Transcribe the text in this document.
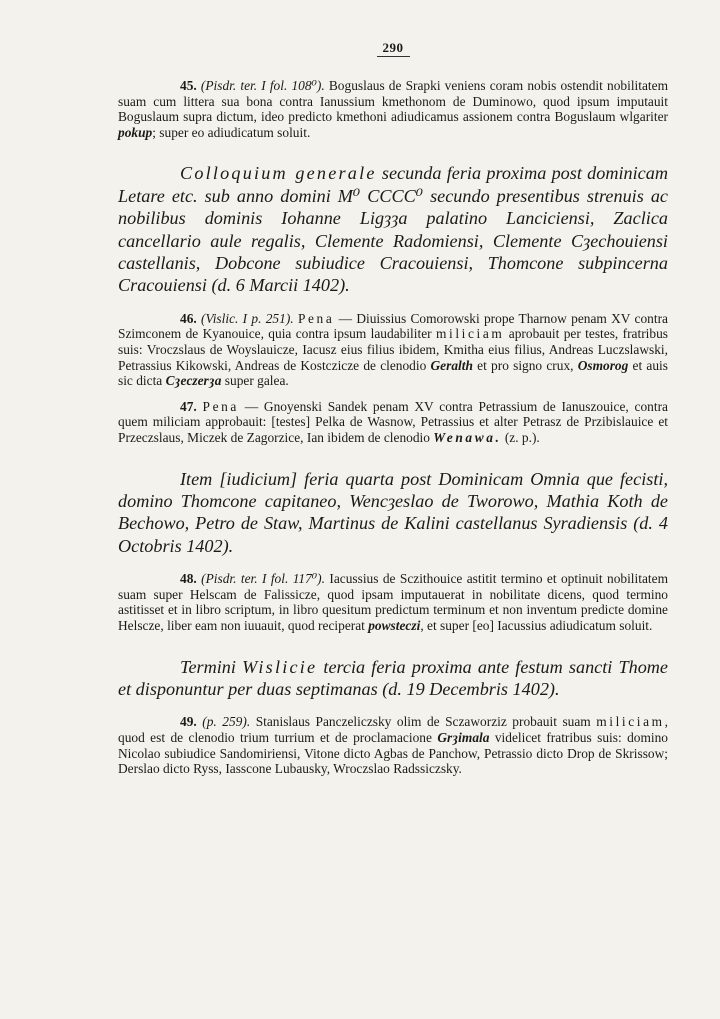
290

45. (Pisdr. ter. I fol. 108⁰). Boguslaus de Srapki veniens coram nobis ostendit nobilitatem suam cum littera sua bona contra Ianussium kmethonom de Duminowo, quod ipsum imputauit Boguslaum supra dictum, ideo predicto kmethoni adiudicamus assionem contra Boguslaum wlgariter pokup; super eo adiudicatum soluit.

Colloquium generale secunda feria proxima post dominicam Letare etc. sub anno domini M⁰ CCCC⁰ secundo presentibus strenuis ac nobilibus dominis Iohanne Ligȝȝa palatino Lanciciensi, Zaclica cancellario aule regalis, Clemente Radomiensi, Clemente Cȝechouiensi castellanis, Dobcone subiudice Cracouiensi, Thomcone subpincerna Cracouiensi (d. 6 Marcii 1402).

46. (Vislic. I p. 251). Pena — Diuissius Comorowski prope Tharnow penam XV contra Szimconem de Kyanouice, quia contra ipsum laudabiliter miliciam aprobauit per testes, fratribus suis: Vroczslaus de Woyslauicze, Iacusz eius filius ibidem, Kmitha eius filius, Andreas Luczslawski, Petrassius Kikowski, Andreas de Kostczicze de clenodio Geralth et pro signo crux, Osmorog et auis sic dicta Cȝeczerȝa super galea.

47. Pena — Gnoyenski Sandek penam XV contra Petrassium de Ianuszouice, contra quem miliciam approbauit: [testes] Pelka de Wasnow, Petrassius et alter Petrasz de Przibislauice et Przeczslaus, Miczek de Zagorzice, Ian ibidem de clenodio Wenawa. (z. p.).

Item [iudicium] feria quarta post Dominicam Omnia que fecisti, domino Thomcone capitaneo, Wencȝeslao de Tworowo, Mathia Koth de Bechowo, Petro de Staw, Martinus de Kalini castellanus Syradiensis (d. 4 Octobris 1402).

48. (Pisdr. ter. I fol. 117⁰). Iacussius de Sczithouice astitit termino et optinuit nobilitatem suam super Helscam de Falissicze, quod ipsam imputauerat in nobilitate dicens, quod termino astitisset et in libro scriptum, in libro quesitum predictum terminum et non inventum predicte domine Helscze, liber eam non iuuauit, quod reciperat powsteczi, et super [eo] Iacussius adiudicatum soluit.

Termini Wislicie tercia feria proxima ante festum sancti Thome et disponuntur per duas septimanas (d. 19 Decembris 1402).

49. (p. 259). Stanislaus Panczeliczsky olim de Sczaworziz probauit suam miliciam, quod est de clenodio trium turrium et de proclamacione Grȝimala videlicet fratribus suis: domino Nicolao subiudice Sandomiriensi, Vitone dicto Agbas de Panchow, Petrassio dicto Drop de Skrissow; Derslao dicto Ryss, Iasscone Lubausky, Wroczslao Radssiczsky.
